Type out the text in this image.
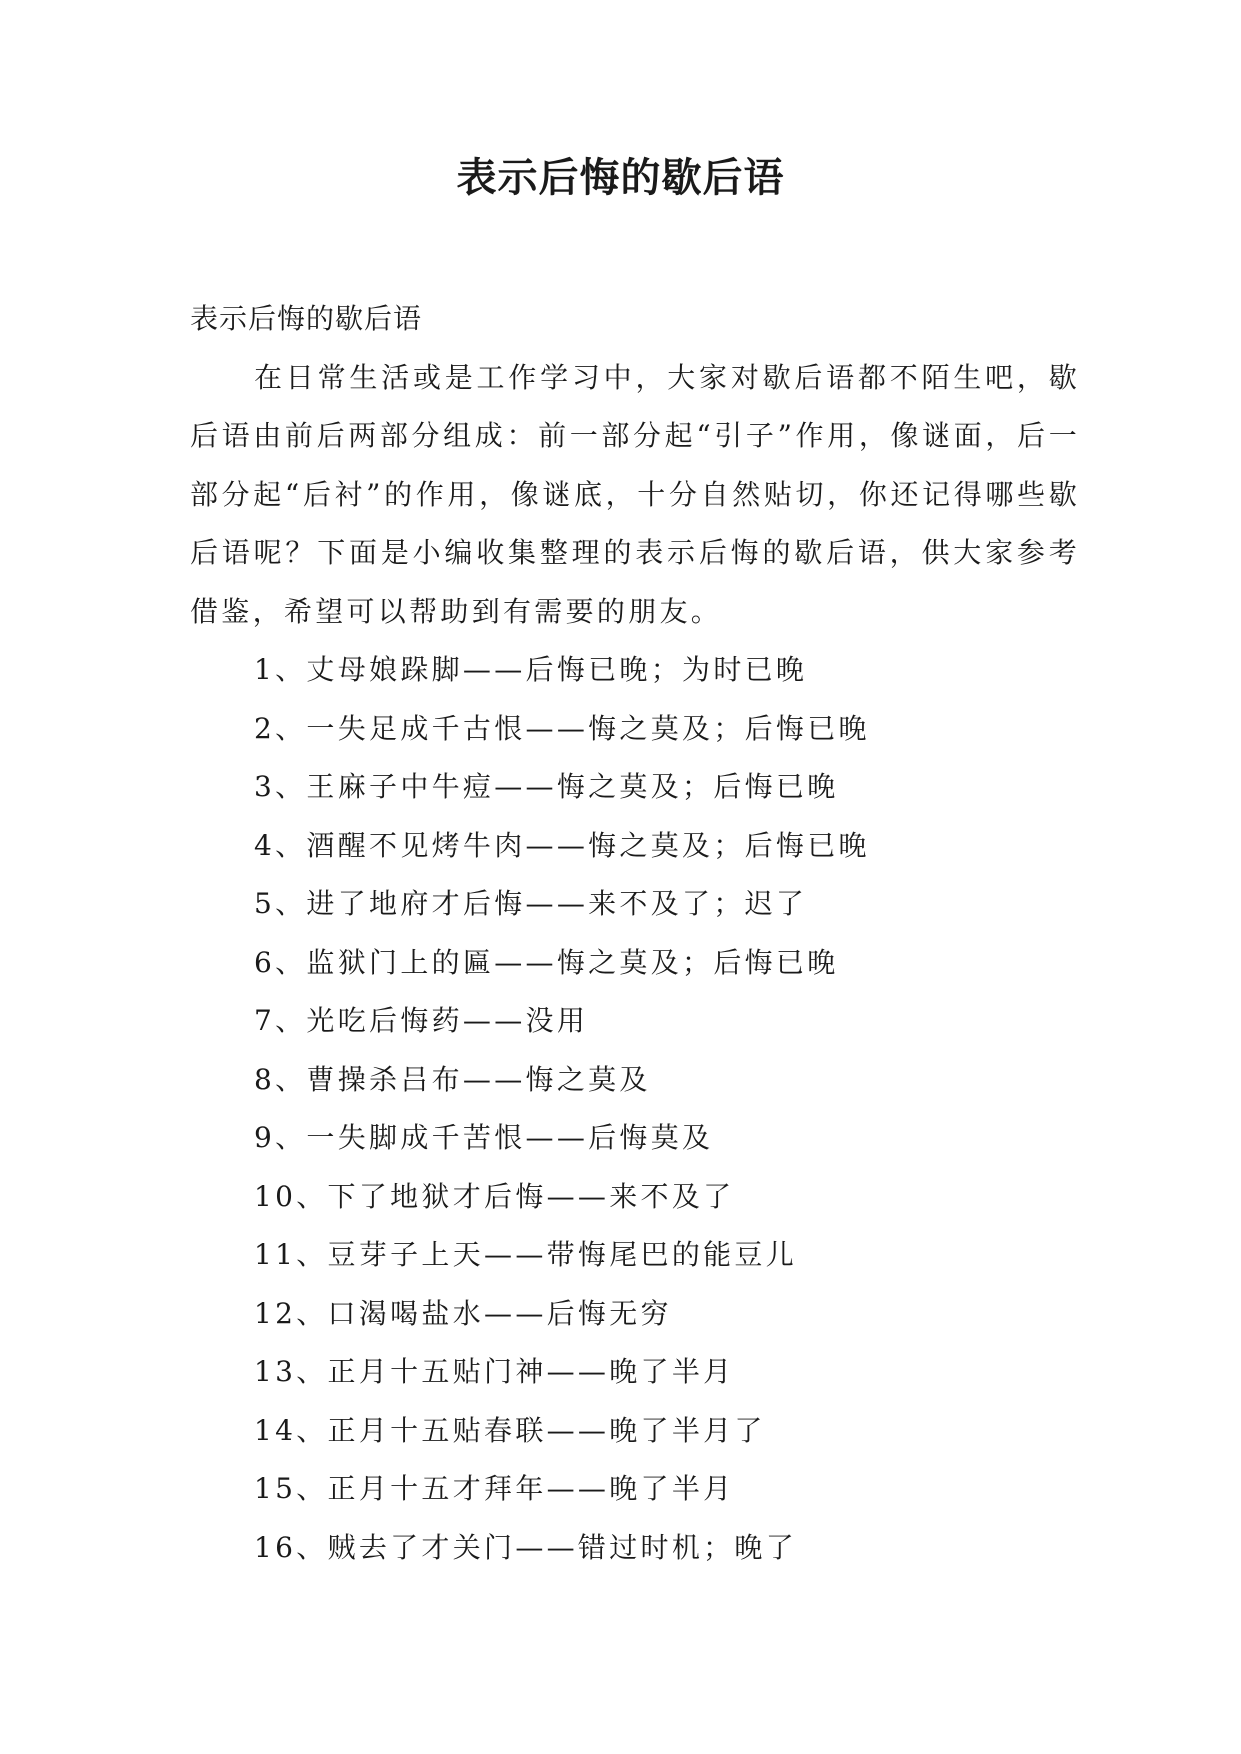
表示后悔的歇后语

表示后悔的歇后语

在日常生活或是工作学习中，大家对歇后语都不陌生吧，歇后语由前后两部分组成：前一部分起“引子”作用，像谜面，后一部分起“后衬”的作用，像谜底，十分自然贴切，你还记得哪些歇后语呢？下面是小编收集整理的表示后悔的歇后语，供大家参考借鉴，希望可以帮助到有需要的朋友。

1、丈母娘跺脚——后悔已晚；为时已晚
2、一失足成千古恨——悔之莫及；后悔已晚
3、王麻子中牛痘——悔之莫及；后悔已晚
4、酒醒不见烤牛肉——悔之莫及；后悔已晚
5、进了地府才后悔——来不及了；迟了
6、监狱门上的匾——悔之莫及；后悔已晚
7、光吃后悔药——没用
8、曹操杀吕布——悔之莫及
9、一失脚成千苦恨——后悔莫及
10、下了地狱才后悔——来不及了
11、豆芽子上天——带悔尾巴的能豆儿
12、口渴喝盐水——后悔无穷
13、正月十五贴门神——晚了半月
14、正月十五贴春联——晚了半月了
15、正月十五才拜年——晚了半月
16、贼去了才关门——错过时机；晚了
